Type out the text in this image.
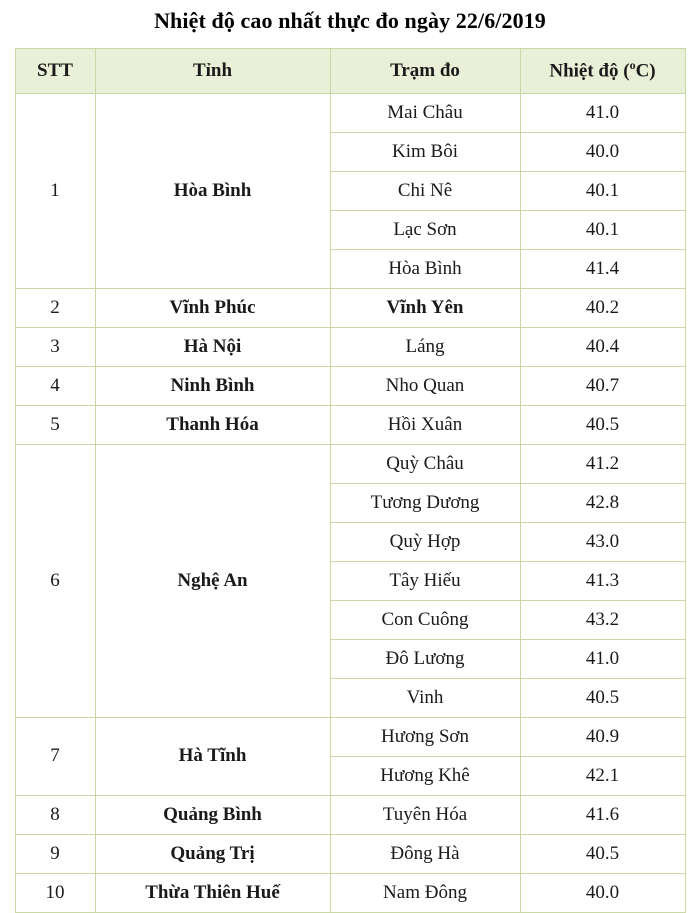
Nhiệt độ cao nhất thực đo ngày 22/6/2019
STT	Tỉnh	Trạm đo	Nhiệt độ ($^o$C)
1	Hòa Bình	Mai Châu	41.0
		Kim Bôi	40.0
		Chi Nê	40.1
		Lạc Sơn	40.1
		Hòa Bình	41.4
2	Vĩnh Phúc	Vĩnh Yên	40.2
3	Hà Nội	Láng	40.4
4	Ninh Bình	Nho Quan	40.7
5	Thanh Hóa	Hồi Xuân	40.5
6	Nghệ An	Quỳ Châu	41.2
		Tương Dương	42.8
		Quỳ Hợp	43.0
		Tây Hiếu	41.3
		Con Cuông	43.2
		Đô Lương	41.0
		Vinh	40.5
7	Hà Tĩnh	Hương Sơn	40.9
		Hương Khê	42.1
8	Quảng Bình	Tuyên Hóa	41.6
9	Quảng Trị	Đông Hà	40.5
10	Thừa Thiên Huế	Nam Đông	40.0
